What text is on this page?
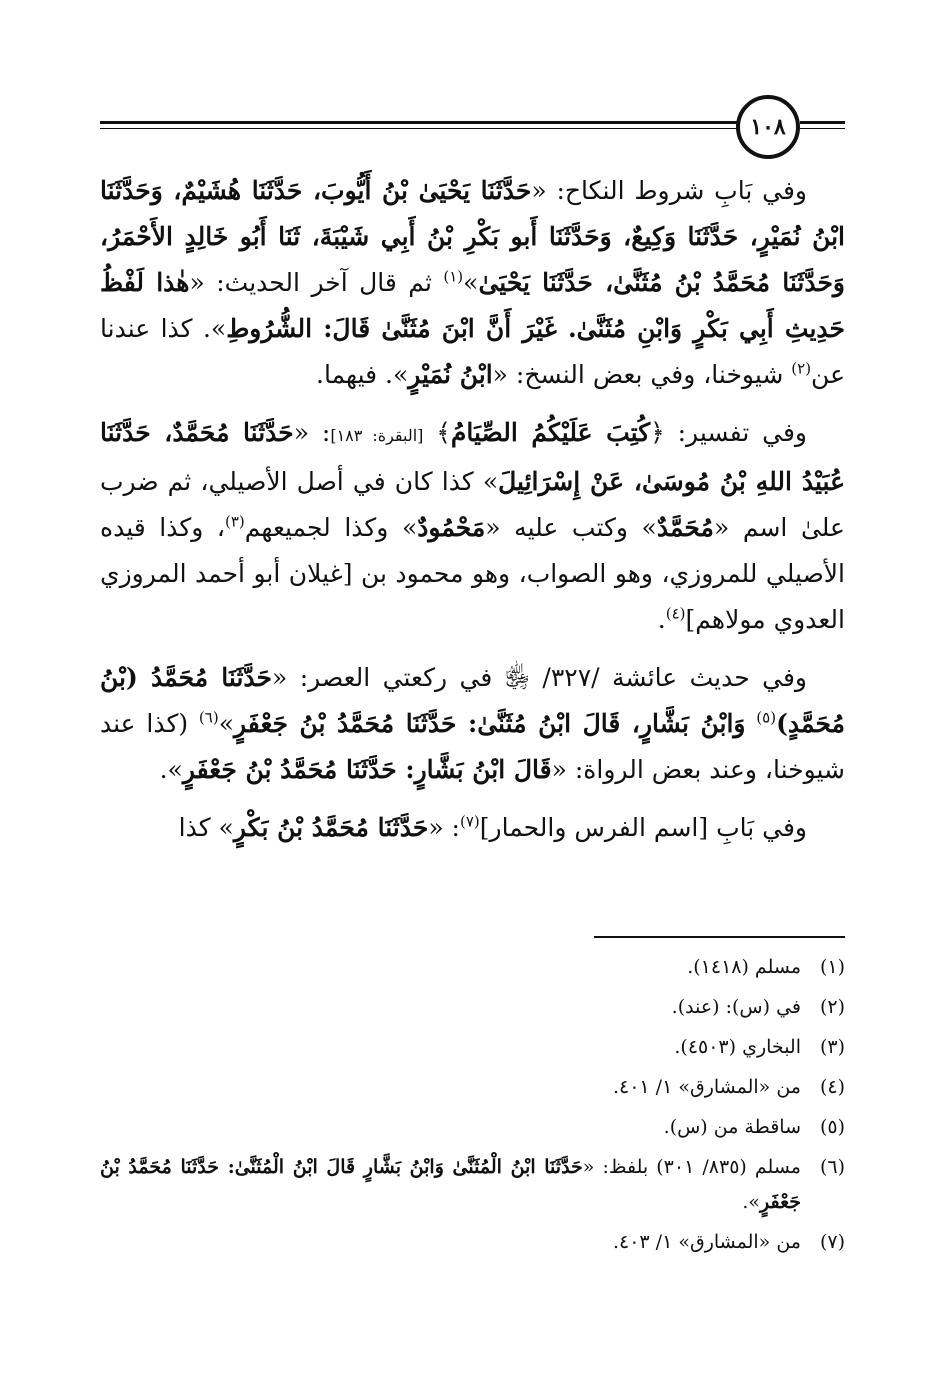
١٠٨

وفي بَابِ شروط النكاح: «حَدَّثَنَا يَحْيَىٰ بْنُ أَيُّوبَ، حَدَّثَنَا هُشَيْمٌ، وَحَدَّثَنَا ابْنُ نُمَيْرٍ، حَدَّثَنَا وَكِيعٌ، وَحَدَّثَنَا أَبو بَكْرِ بْنُ أَبِي شَيْبَةَ، ثَنَا أَبُو خَالِدٍ الأَحْمَرُ، وَحَدَّثَنَا مُحَمَّدُ بْنُ مُثَنَّىٰ، حَدَّثَنَا يَحْيَىٰ»$^{(١)}$ ثم قال آخر الحديث: «هٰذا لَفْظُ حَدِيثِ أَبِي بَكْرٍ وَابْنِ مُثَنَّىٰ. غَيْرَ أَنَّ ابْنَ مُثَنَّىٰ قَالَ: الشُّرُوطِ». كذا عندنا عن$^{(٢)}$ شيوخنا، وفي بعض النسخ: «ابْنُ نُمَيْرٍ». فيهما.

وفي تفسير: ﴿كُتِبَ عَلَيْكُمُ الصِّيَامُ﴾ [البقرة: ١٨٣]: «حَدَّثَنَا مُحَمَّدٌ، حَدَّثَنَا عُبَيْدُ اللهِ بْنُ مُوسَىٰ، عَنْ إِسْرَائِيلَ» كذا كان في أصل الأصيلي، ثم ضرب علىٰ اسم «مُحَمَّدٌ» وكتب عليه «مَحْمُودٌ» وكذا لجميعهم$^{(٣)}$، وكذا قيده الأصيلي للمروزي، وهو الصواب، وهو محمود بن [غيلان أبو أحمد المروزي العدوي مولاهم]$^{(٤)}$.

وفي حديث عائشة /٣٢٧/ ﵂ في ركعتي العصر: «حَدَّثَنَا مُحَمَّدُ (بْنُ مُحَمَّدٍ)$^{(٥)}$ وَابْنُ بَشَّارٍ، قَالَ ابْنُ مُثَنَّىٰ: حَدَّثَنَا مُحَمَّدُ بْنُ جَعْفَرٍ»$^{(٦)}$ (كذا عند شيوخنا، وعند بعض الرواة: «قَالَ ابْنُ بَشَّارٍ: حَدَّثَنَا مُحَمَّدُ بْنُ جَعْفَرٍ».

وفي بَابِ [اسم الفرس والحمار]$^{(٧)}$: «حَدَّثَنَا مُحَمَّدُ بْنُ بَكْرٍ» كذا

(١)
مسلم (١٤١٨).
(٢)
في (س): (عند).
(٣)
البخاري (٤٥٠٣).
(٤)
من «المشارق» ١/ ٤٠١.
(٥)
ساقطة من (س).
(٦)
مسلم (٨٣٥/ ٣٠١) بلفظ: «حَدَّثَنَا ابْنُ الْمُثَنَّىٰ وَابْنُ بَشَّارٍ قَالَ ابْنُ الْمُثَنَّىٰ: حَدَّثَنَا مُحَمَّدُ بْنُ جَعْفَرٍ».
(٧)
من «المشارق» ١/ ٤٠٣.
